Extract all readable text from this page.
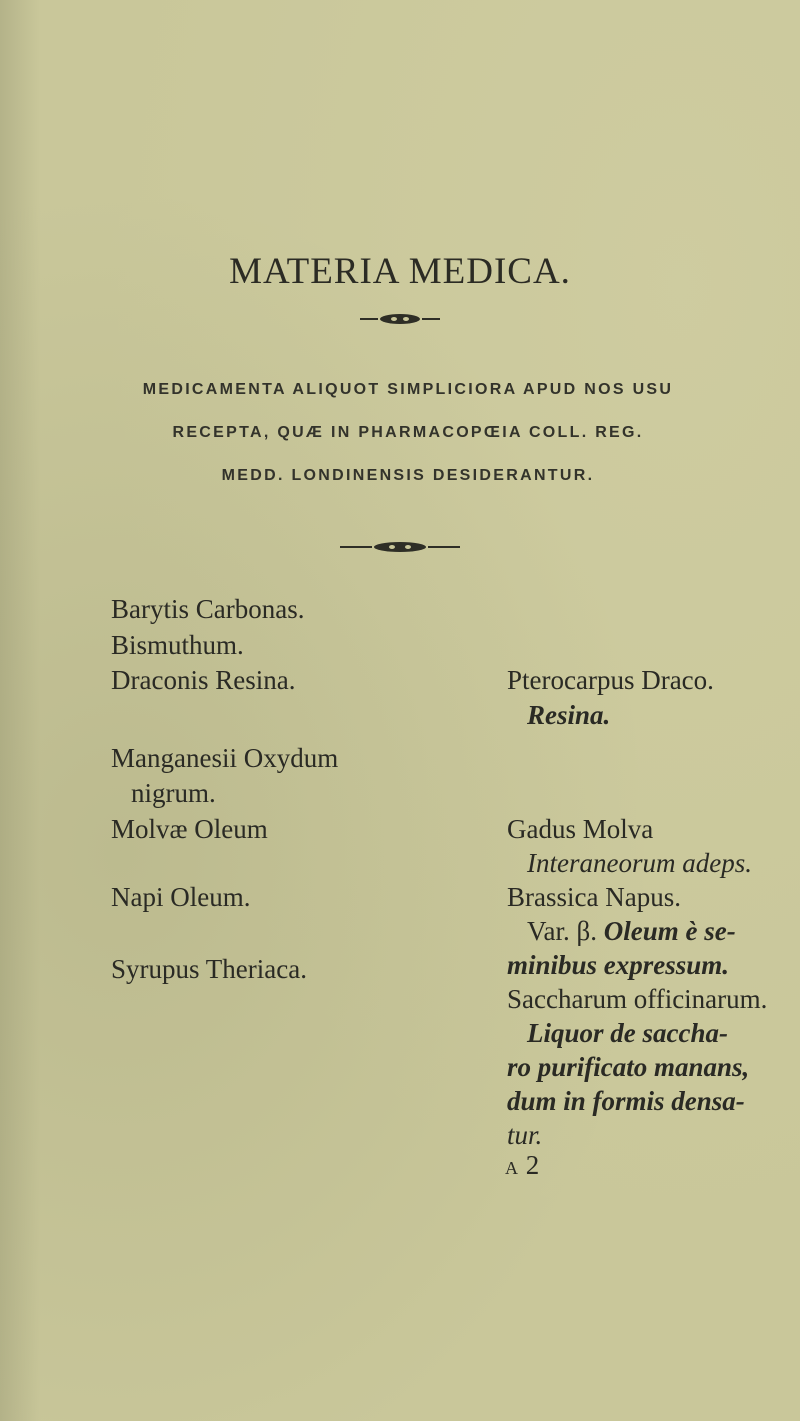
MATERIA MEDICA.
MEDICAMENTA ALIQUOT SIMPLICIORA APUD NOS USU
RECEPTA, QUÆ IN PHARMACOPŒIA COLL. REG.
MEDD. LONDINENSIS DESIDERANTUR.
Barytis Carbonas.
Bismuthum.
Draconis Resina.
Manganesii Oxydum
nigrum.
Molvæ Oleum
Napi Oleum.
Syrupus Theriaca.
Pterocarpus Draco.
Resina.
Gadus Molva
Interaneorum adeps.
Brassica Napus.
Var. β. Oleum è se-
minibus expressum.
Saccharum officinarum.
Liquor de saccha-
ro purificato manans,
dum in formis densa-
tur.
A 2
